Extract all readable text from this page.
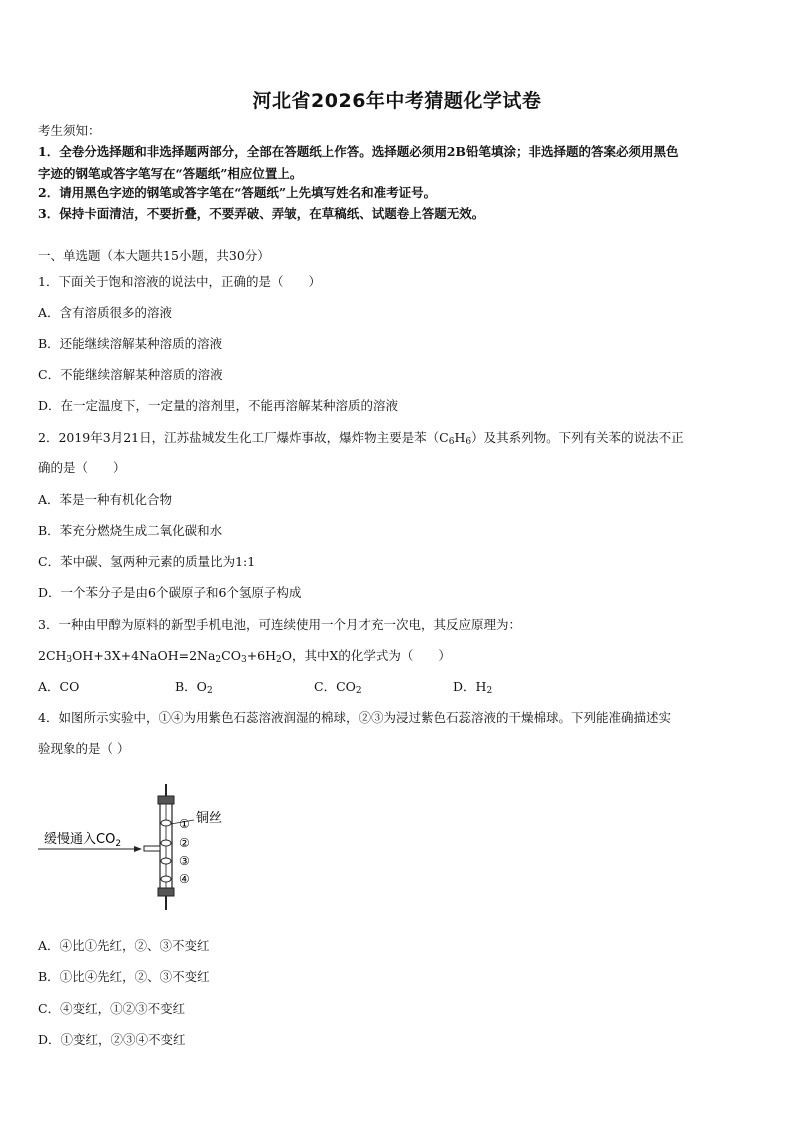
河北省2026年中考猜题化学试卷
考生须知：
1．全卷分选择题和非选择题两部分，全部在答题纸上作答。选择题必须用2B铅笔填涂；非选择题的答案必须用黑色
字迹的钢笔或答字笔写在“答题纸”相应位置上。
2．请用黑色字迹的钢笔或答字笔在“答题纸”上先填写姓名和准考证号。
3．保持卡面清洁，不要折叠，不要弄破、弄皱，在草稿纸、试题卷上答题无效。
一、单选题（本大题共15小题，共30分）
1．下面关于饱和溶液的说法中，正确的是（　　）
A．含有溶质很多的溶液
B．还能继续溶解某种溶质的溶液
C．不能继续溶解某种溶质的溶液
D．在一定温度下，一定量的溶剂里，不能再溶解某种溶质的溶液
2．2019年3月21日，江苏盐城发生化工厂爆炸事故，爆炸物主要是苯$(C_6H_6)$及其系列物。下列有关苯的说法不正
确的是（　　）
A．苯是一种有机化合物
B．苯充分燃烧生成二氧化碳和水
C．苯中碳、氢两种元素的质量比为1:1
D．一个苯分子是由6个碳原子和6个氢原子构成
3．一种由甲醇为原料的新型手机电池，可连续使用一个月才充一次电，其反应原理为：
$2CH_3OH+3X+4NaOH=2Na_2CO_3+6H_2O$，其中X的化学式为（　　）
A．CO	B．$O_2$	C．$CO_2$	D．$H_2$
4．如图所示实验中，①④为用紫色石蕊溶液润湿的棉球，②③为浸过紫色石蕊溶液的干燥棉球。下列能准确描述实
验现象的是（ ）
缓慢通入$CO_2$
铜丝
①
②
③
④
A．④比①先红，②、③不变红
B．①比④先红，②、③不变红
C．④变红，①②③不变红
D．①变红，②③④不变红
